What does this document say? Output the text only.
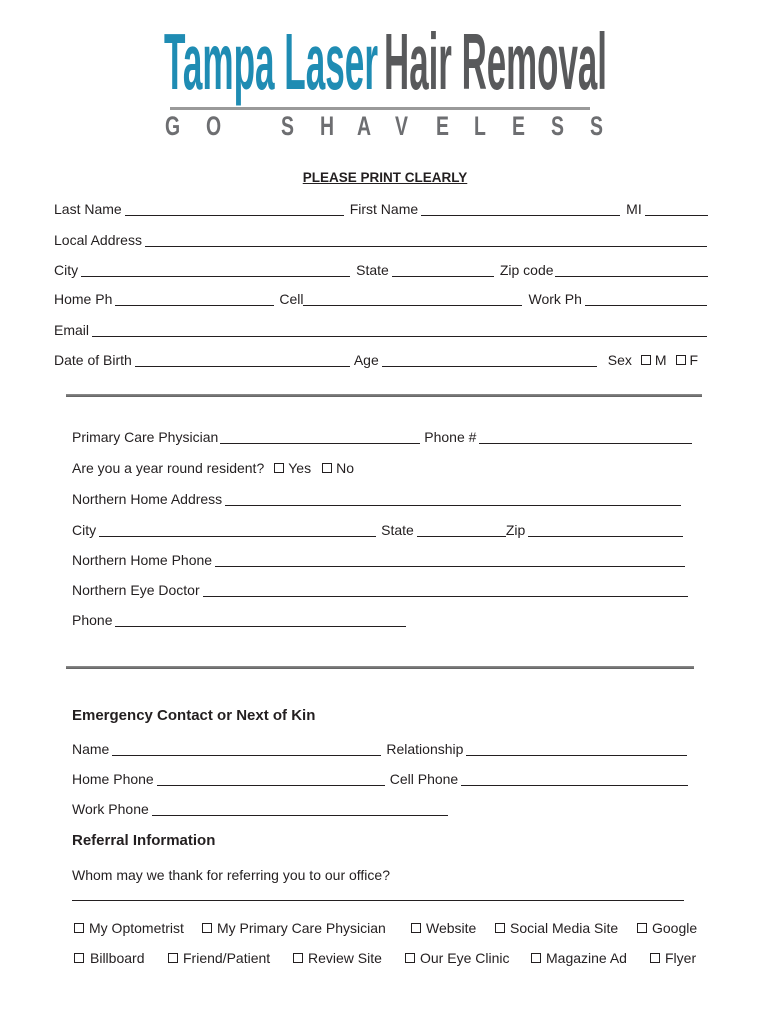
Tampa Laser Hair Removal
GO SHAVELESS
PLEASE PRINT CLEARLY
Last Name	First Name	MI
Local Address
City	State	Zip code
Home Ph	Cell	Work Ph
Email
Date of Birth	Age	Sex M F
Primary Care Physician	Phone #
Are you a year round resident? Yes No
Northern Home Address
City	State	Zip
Northern Home Phone
Northern Eye Doctor
Phone
Emergency Contact or Next of Kin
Name	Relationship
Home Phone	Cell Phone
Work Phone
Referral Information
Whom may we thank for referring you to our office?
My Optometrist My Primary Care Physician	Website Social Media Site Google
Billboard	Friend/Patient	Review Site	Our Eye Clinic	Magazine Ad	Flyer
